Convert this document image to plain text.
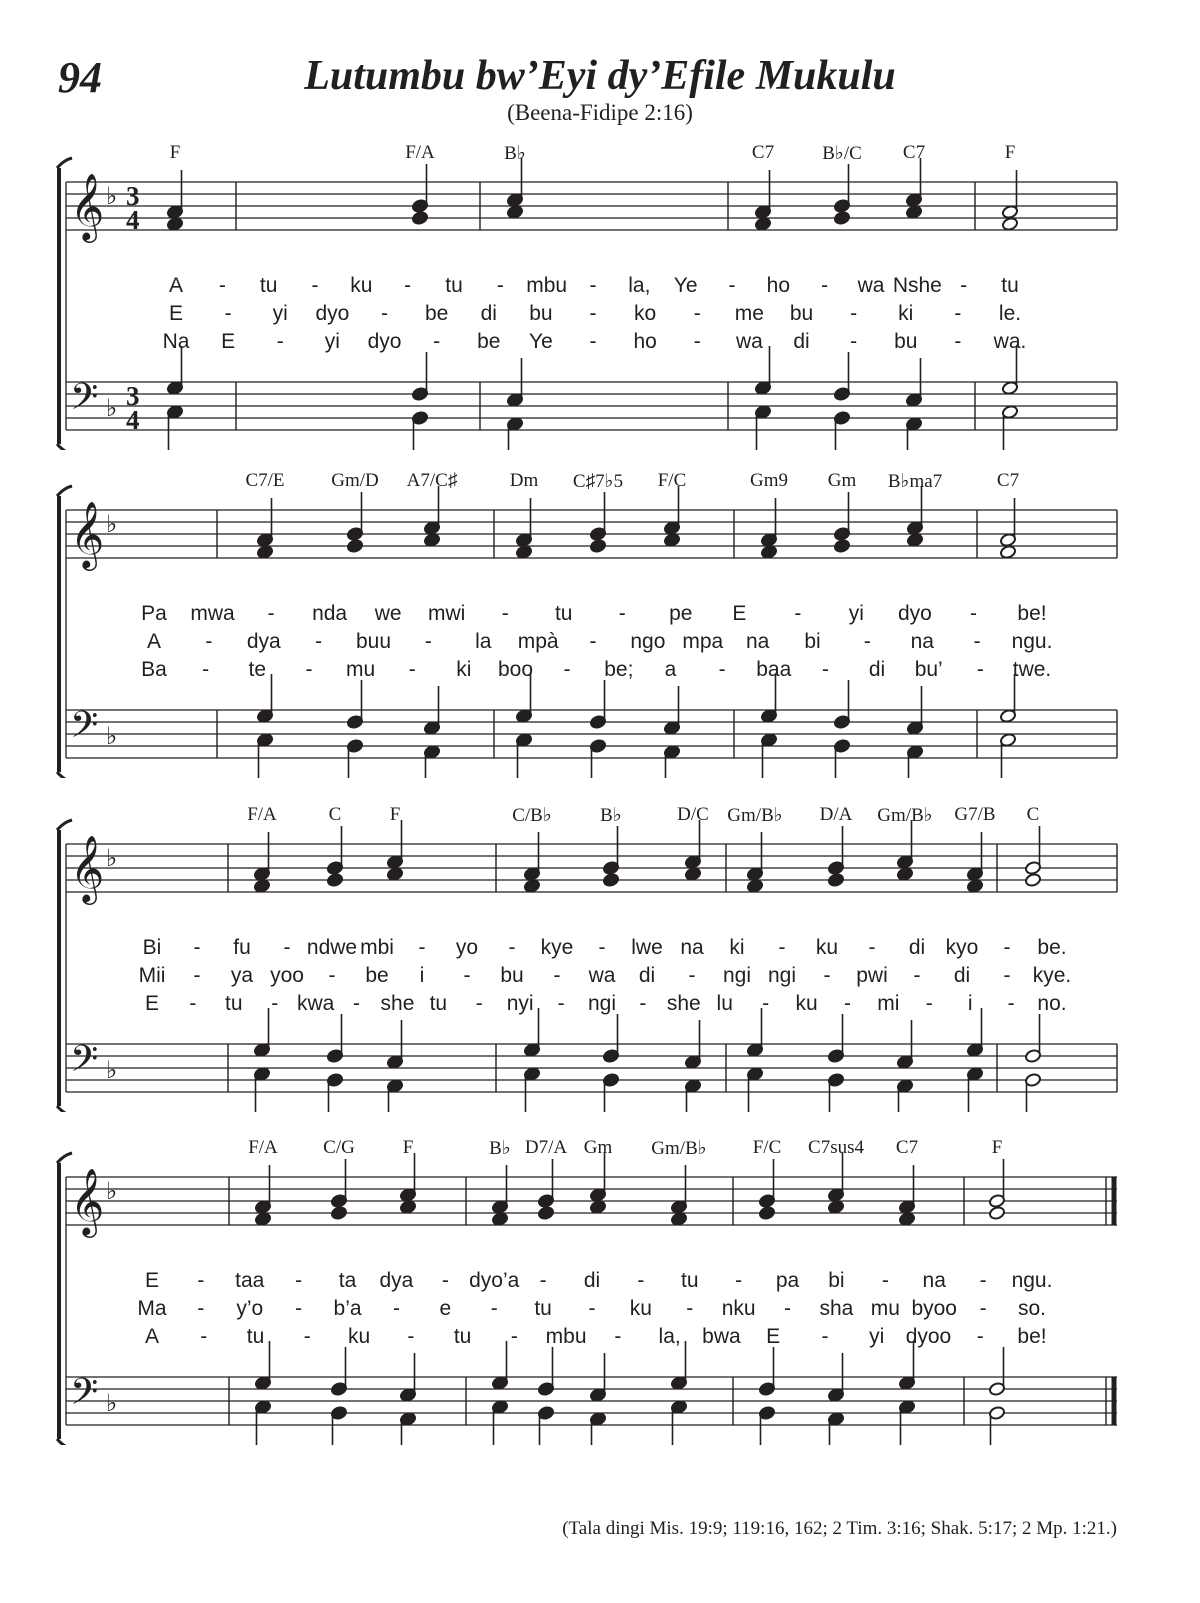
94	Lutumbu bw’Eyi dy’Efile Mukulu
(Beena-Fidipe 2:16)
𝄞
𝄢
♭
♭
3
4
3
4
F	F/A	B♭	C7	B♭/C C7	F
A - tu - ku - tu - mbu - la, Ye - ho - wa Nshe - tu
E - yi dyo - be di bu - ko - me bu - ki - le.
Na E - yi dyo - be Ye - ho - wa di - bu - wa.
𝄞
𝄢
♭
♭
C7/E Gm/D A7/C♯	Dm C♯7♭5 F/C	Gm9 Gm B♭ma7	C7
Pa mwa - nda we mwi - tu - pe E - yi dyo - be!
A - dya - buu - la mpà - ngo mpa na bi - na - ngu.
Ba - te - mu - ki boo - be; a - baa - di bu’ - twe.
𝄞
𝄢
♭
♭
F/A	C	F	C/B♭	B♭	D/C Gm/B♭ D/A Gm/B♭ G7/B C
Bi - fu - ndwe mbi - yo - kye - lwe na ki - ku - di kyo - be.
Mii - ya yoo - be i - bu - wa di - ngi ngi - pwi - di - kye.
E - tu - kwa - she tu - nyi - ngi - she lu - ku - mi - i - no.
𝄞
𝄢
♭
♭
F/A C/G	F	B♭ D7/A Gm Gm/B♭ F/C C7sus4 C7	F
E - taa - ta dya - dyo’a - di - tu - pa bi - na - ngu.
Ma - y’o - b’a - e - tu - ku - nku - sha mu byoo - so.
A - tu - ku - tu - mbu - la, bwa E - yi dyoo - be!
(Tala dingi Mis. 19:9; 119:16, 162; 2 Tim. 3:16; Shak. 5:17; 2 Mp. 1:21.)
